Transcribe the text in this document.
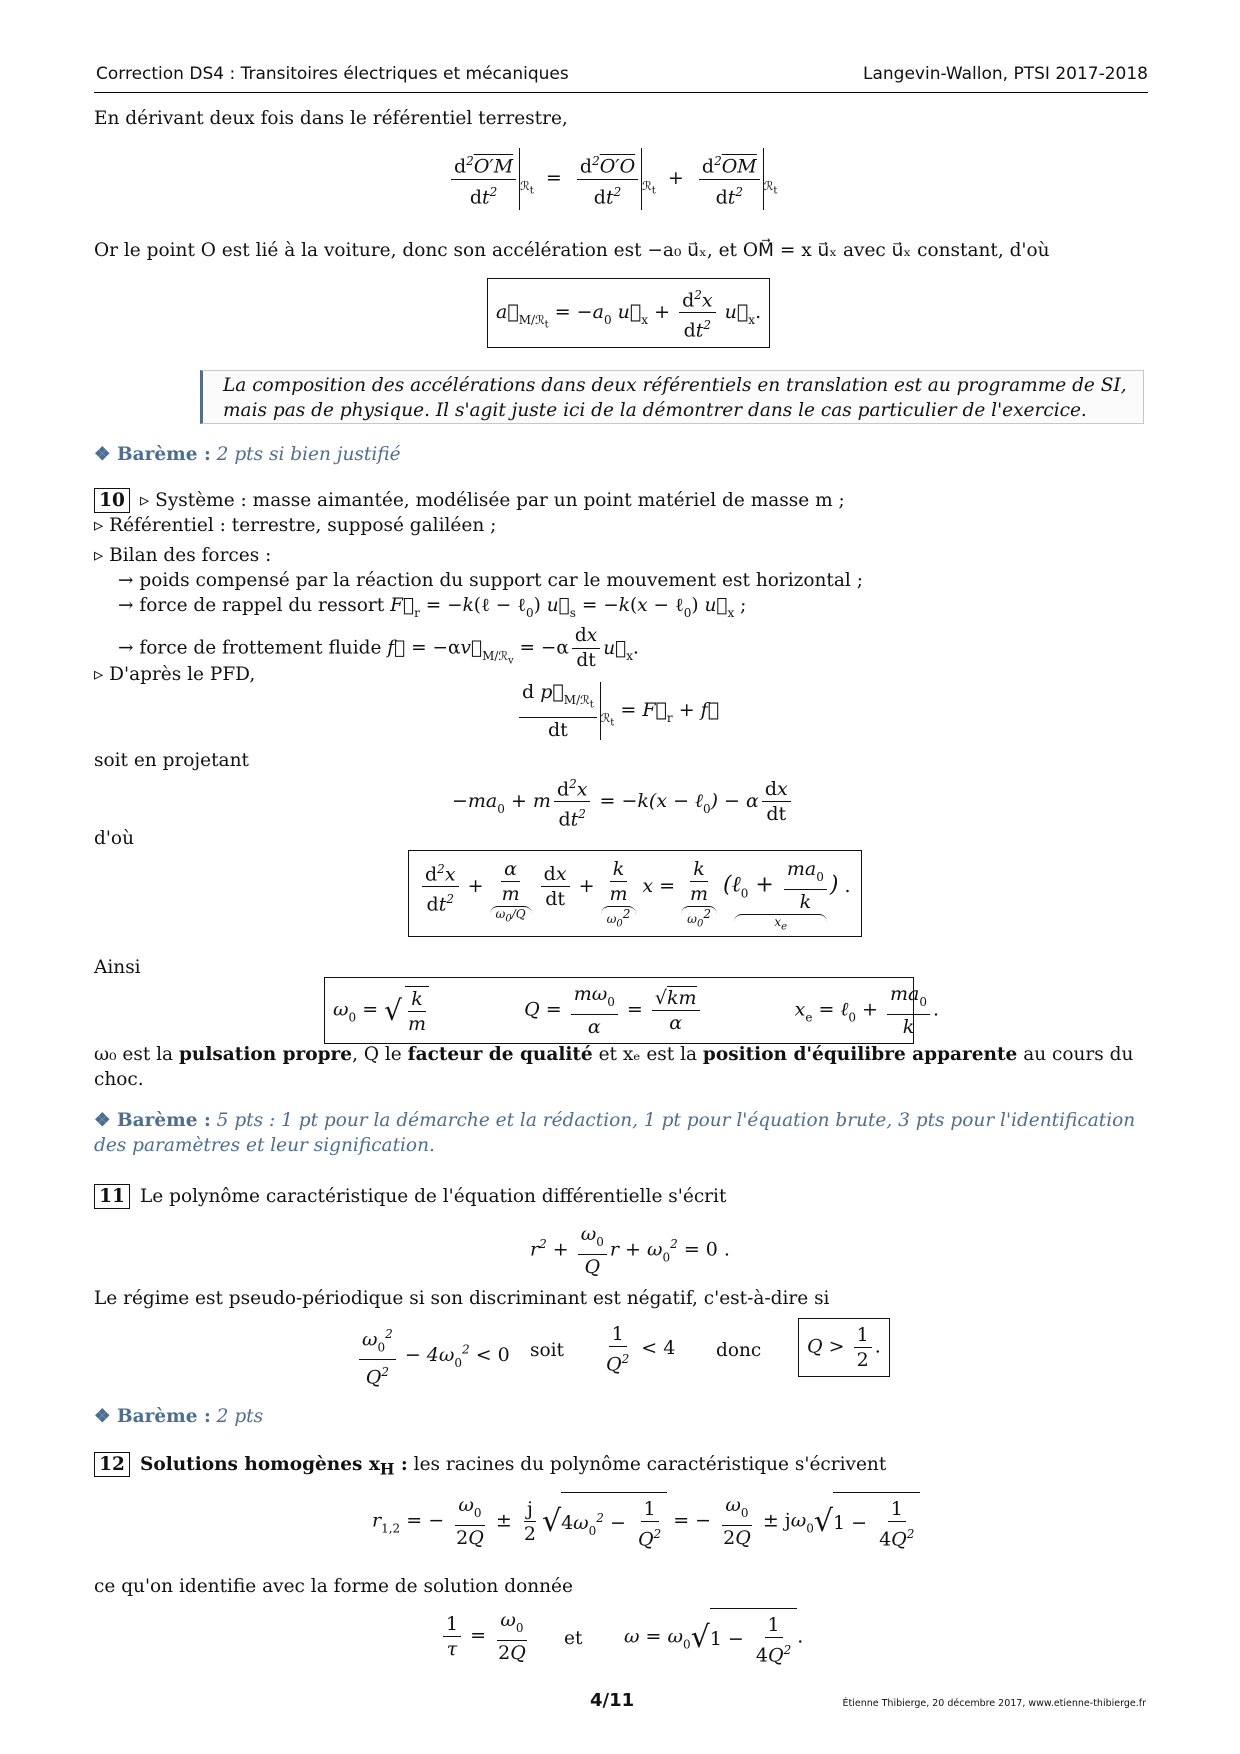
Correction DS4 : Transitoires électriques et mécaniques	Langevin-Wallon, PTSI 2017-2018
En dérivant deux fois dans le référentiel terrestre,
$\frac{d^2O'M}{dt^2} _{ℛ_t} = \frac{d^2O'O}{dt^2} _{ℛ_t} + \frac{d^2\overline{OM}}{dt^2} _{ℛ_t}$
Or le point O est lié à la voiture, donc son accélération est −a₀ u⃗ₓ, et OM⃗ = x u⃗ₓ avec u⃗ₓ constant, d'où
$a⃗_{M/ℛ_t} = -a_0$ $u⃗_x + \frac{d^2x}{dt^2}$ $u⃗_x$.
La composition des accélérations dans deux référentiels en translation est au programme de SI, mais pas de physique. Il s'agit juste ici de la démontrer dans le cas particulier de l'exercice.
❖ Barème : 2 pts si bien justifié
10 ▹ Système : masse aimantée, modélisée par un point matériel de masse m ;
▹ Référentiel : terrestre, supposé galiléen ;
▹ Bilan des forces :
→ poids compensé par la réaction du support car le mouvement est horizontal ;
→ force de rappel du ressort $F⃗_r$ = −k(ℓ − ℓ$_0$) $u⃗_s = -k(x$ − ℓ$_0$) $u⃗_x$ ;
→ force de frottement fluide f⃗ = $-\alpha v⃗_{M/ℛ_v} = -\alpha \frac{dx}{dt}$ $u⃗_x$.
▹ D'après le PFD,
$\frac{d p⃗_{M/ℛ_t}}{dt} _{ℛ_t}$ = $F⃗_r$ + f⃗
soit en projetant
$-ma_0 + m \frac{d^2x}{dt^2} = -k(x$ − ℓ$_0$) − α $\frac{dx}{dt}$
d'où
$\frac{d^2x}{dt^2} + \frac{\alpha}{m}$
$\omega_0/Q$

$\frac{dx}{dt} + \frac{k}{m}$
$\omega_0^2$
$x = \frac{k}{m}$
$\omega_0^2$

(ℓ$_0$ + $\frac{ma_0}{k}$ )
$x_e$
.
Ainsi
$\omega_0$ = √ $\frac{k}{m}$	$Q = \frac{m\omega_0}{\alpha} = \frac{√km}{\alpha}$	$x_e$ = ℓ$_0$ + $\frac{ma_0}{k}$ .
ω₀ est la pulsation propre, Q le facteur de qualité et xₑ est la position d'équilibre apparente au cours du choc.
❖ Barème : 5 pts : 1 pt pour la démarche et la rédaction, 1 pt pour l'équation brute, 3 pts pour l'identification des paramètres et leur signification.
11 Le polynôme caractéristique de l'équation différentielle s'écrit
$r^2 + \frac{\omega_0}{Q}$ $r + \omega_0^2 = 0$ .
Le régime est pseudo-périodique si son discriminant est négatif, c'est-à-dire si
$\frac{\omega_0^2}{Q^2} - 4\omega_0^2 < 0$ soit $\frac{1}{Q^2} < 4$ donc	$Q > \frac{1}{2}$ .
❖ Barème : 2 pts
12 Solutions homogènes $x_H$ : les racines du polynôme caractéristique s'écrivent
$r_{1,2}$ = − $\frac{\omega_0}{2Q} \pm \frac{j}{2} √4\omega_0^2 - \frac{1}{Q^2}$ = − $\frac{\omega_0}{2Q} \pm j\omega_0√1 - \frac{1}{4Q^2}$
ce qu'on identifie avec la forme de solution donnée
$\frac{1}{\tau} = \frac{\omega_0}{2Q}$ et $\omega = \omega_0√1 - \frac{1}{4Q^2}$ .
4/11	Étienne Thibierge, 20 décembre 2017, www.etienne-thibierge.fr
